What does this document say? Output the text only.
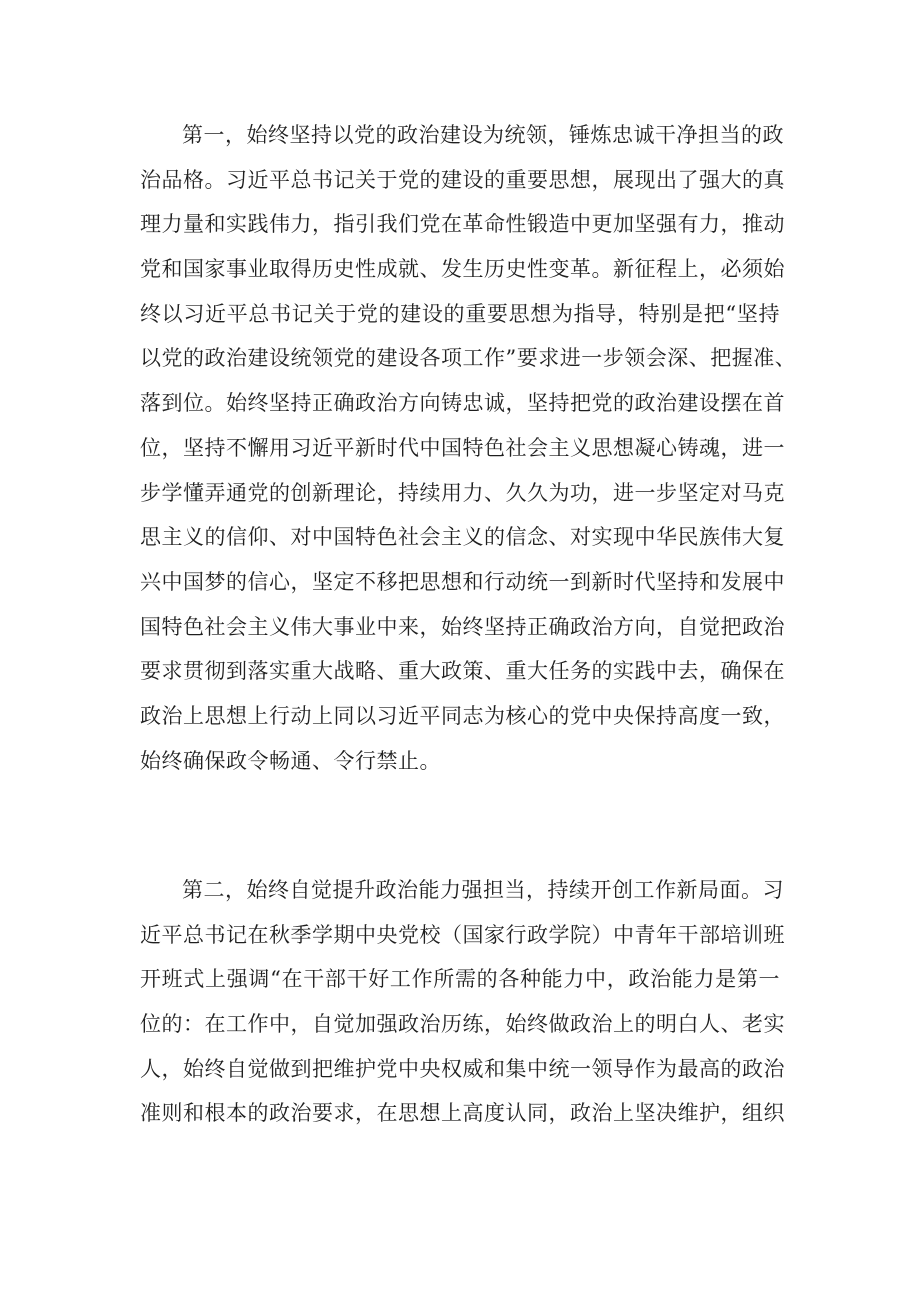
第一，始终坚持以党的政治建设为统领，锤炼忠诚干净担当的政
治品格。习近平总书记关于党的建设的重要思想，展现出了强大的真
理力量和实践伟力，指引我们党在革命性锻造中更加坚强有力，推动
党和国家事业取得历史性成就、发生历史性变革。新征程上，必须始
终以习近平总书记关于党的建设的重要思想为指导，特别是把“坚持
以党的政治建设统领党的建设各项工作”要求进一步领会深、把握准、
落到位。始终坚持正确政治方向铸忠诚，坚持把党的政治建设摆在首
位，坚持不懈用习近平新时代中国特色社会主义思想凝心铸魂，进一
步学懂弄通党的创新理论，持续用力、久久为功，进一步坚定对马克
思主义的信仰、对中国特色社会主义的信念、对实现中华民族伟大复
兴中国梦的信心，坚定不移把思想和行动统一到新时代坚持和发展中
国特色社会主义伟大事业中来，始终坚持正确政治方向，自觉把政治
要求贯彻到落实重大战略、重大政策、重大任务的实践中去，确保在
政治上思想上行动上同以习近平同志为核心的党中央保持高度一致，
始终确保政令畅通、令行禁止。
第二，始终自觉提升政治能力强担当，持续开创工作新局面。习
近平总书记在秋季学期中央党校（国家行政学院）中青年干部培训班
开班式上强调“在干部干好工作所需的各种能力中，政治能力是第一
位的：在工作中，自觉加强政治历练，始终做政治上的明白人、老实
人，始终自觉做到把维护党中央权威和集中统一领导作为最高的政治
准则和根本的政治要求，在思想上高度认同，政治上坚决维护，组织
